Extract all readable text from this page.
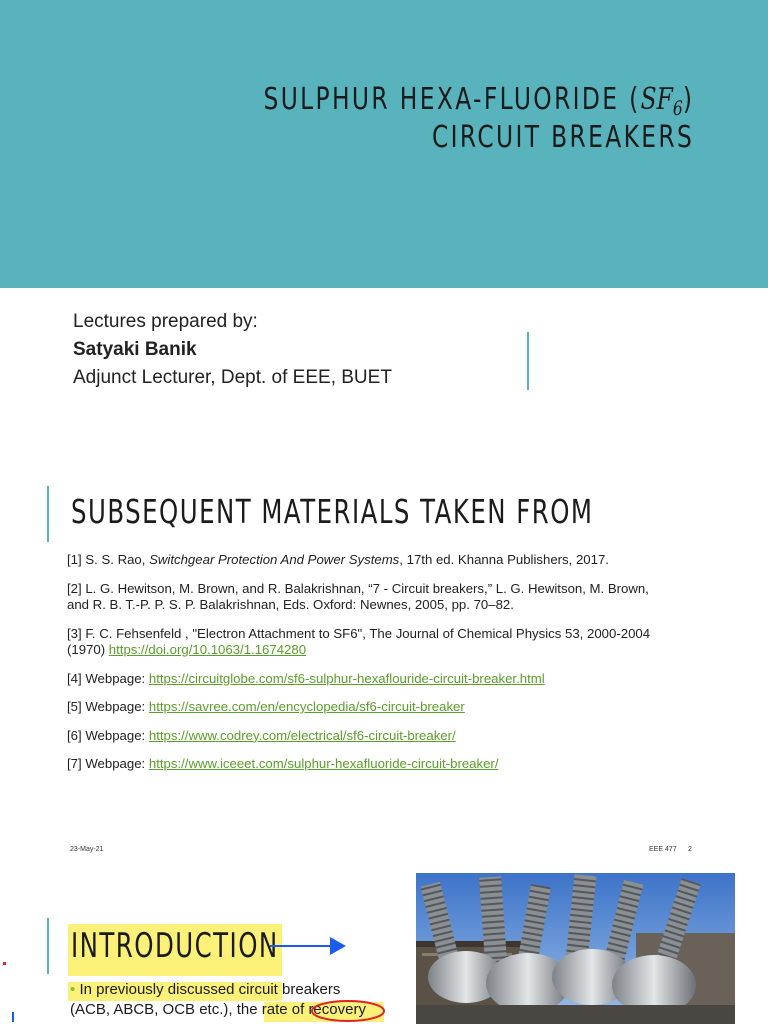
SULPHUR HEXA-FLUORIDE $(SF_6)$
CIRCUIT BREAKERS
Lectures prepared by:
Satyaki Banik
Adjunct Lecturer, Dept. of EEE, BUET
SUBSEQUENT MATERIALS TAKEN FROM
[1] S. S. Rao, Switchgear Protection And Power Systems, 17th ed. Khanna Publishers, 2017.
[2] L. G. Hewitson, M. Brown, and R. Balakrishnan, “7 - Circuit breakers,” L. G. Hewitson, M. Brown, and R. B. T.-P. P. S. P. Balakrishnan, Eds. Oxford: Newnes, 2005, pp. 70–82.
[3] F. C. Fehsenfeld , "Electron Attachment to SF6", The Journal of Chemical Physics 53, 2000-2004 (1970) https://doi.org/10.1063/1.1674280
[4] Webpage: https://circuitglobe.com/sf6-sulphur-hexaflouride-circuit-breaker.html
[5] Webpage: https://savree.com/en/encyclopedia/sf6-circuit-breaker
[6] Webpage: https://www.codrey.com/electrical/sf6-circuit-breaker/
[7] Webpage: https://www.iceeet.com/sulphur-hexafluoride-circuit-breaker/
23-May-21	EEE 477 2
INTRODUCTION
• In previously discussed circuit breakers
(ACB, ABCB, OCB etc.), the rate of recovery
